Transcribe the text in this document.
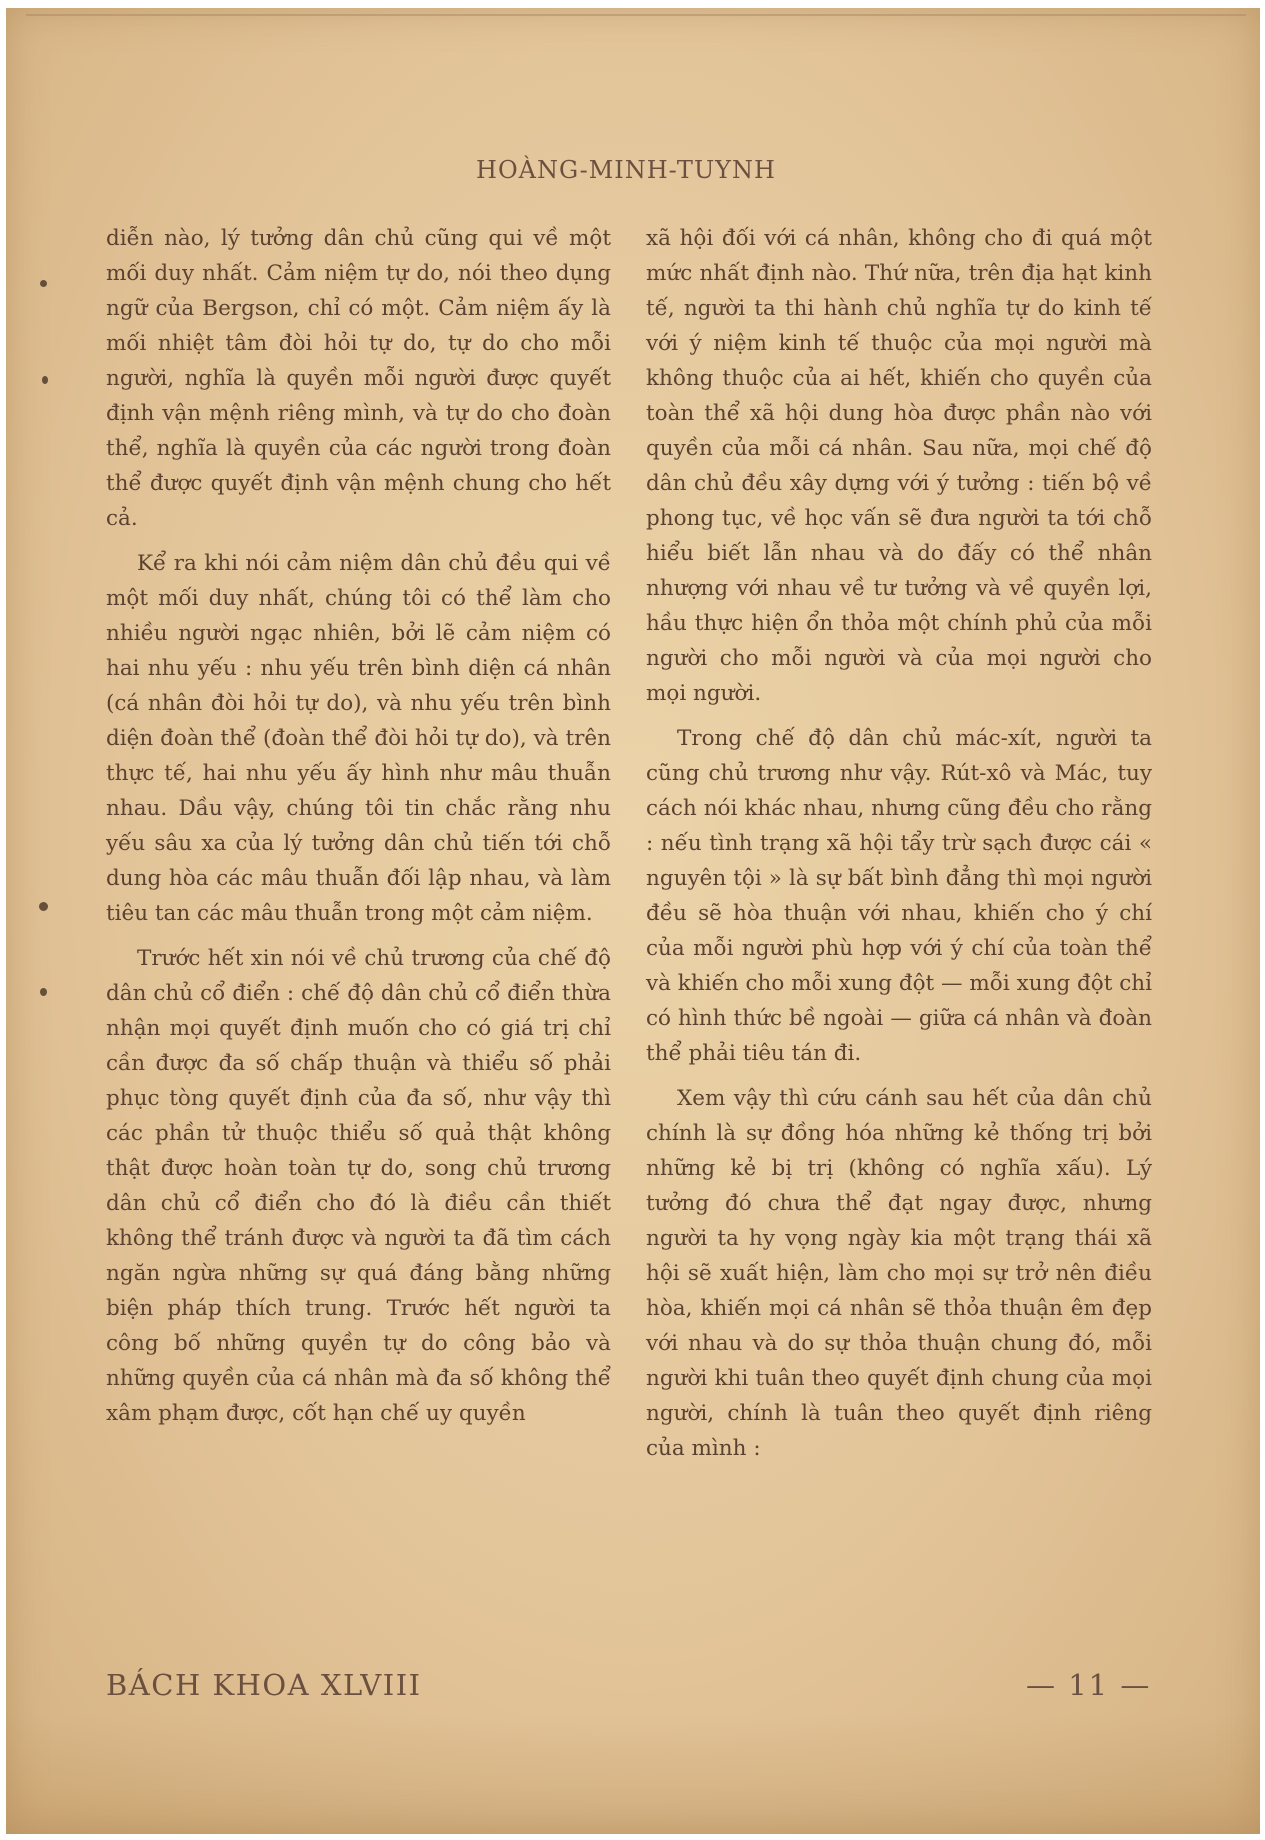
HOÀNG-MINH-TUYNH

diễn nào, lý tưởng dân chủ cũng qui về một mối duy nhất. Cảm niệm tự do, nói theo dụng ngữ của Bergson, chỉ có một. Cảm niệm ấy là mối nhiệt tâm đòi hỏi tự do, tự do cho mỗi người, nghĩa là quyền mỗi người được quyết định vận mệnh riêng mình, và tự do cho đoàn thể, nghĩa là quyền của các người trong đoàn thể được quyết định vận mệnh chung cho hết cả.

Kể ra khi nói cảm niệm dân chủ đều qui về một mối duy nhất, chúng tôi có thể làm cho nhiều người ngạc nhiên, bởi lẽ cảm niệm có hai nhu yếu : nhu yếu trên bình diện cá nhân (cá nhân đòi hỏi tự do), và nhu yếu trên bình diện đoàn thể (đoàn thể đòi hỏi tự do), và trên thực tế, hai nhu yếu ấy hình như mâu thuẫn nhau. Dầu vậy, chúng tôi tin chắc rằng nhu yếu sâu xa của lý tưởng dân chủ tiến tới chỗ dung hòa các mâu thuẫn đối lập nhau, và làm tiêu tan các mâu thuẫn trong một cảm niệm.

Trước hết xin nói về chủ trương của chế độ dân chủ cổ điển : chế độ dân chủ cổ điển thừa nhận mọi quyết định muốn cho có giá trị chỉ cần được đa số chấp thuận và thiểu số phải phục tòng quyết định của đa số, như vậy thì các phần tử thuộc thiểu số quả thật không thật được hoàn toàn tự do, song chủ trương dân chủ cổ điển cho đó là điều cần thiết không thể tránh được và người ta đã tìm cách ngăn ngừa những sự quá đáng bằng những biện pháp thích trung. Trước hết người ta công bố những quyền tự do công bảo và những quyền của cá nhân mà đa số không thể xâm phạm được, cốt hạn chế uy quyền

xã hội đối với cá nhân, không cho đi quá một mức nhất định nào. Thứ nữa, trên địa hạt kinh tế, người ta thi hành chủ nghĩa tự do kinh tế với ý niệm kinh tế thuộc của mọi người mà không thuộc của ai hết, khiến cho quyền của toàn thể xã hội dung hòa được phần nào với quyền của mỗi cá nhân. Sau nữa, mọi chế độ dân chủ đều xây dựng với ý tưởng : tiến bộ về phong tục, về học vấn sẽ đưa người ta tới chỗ hiểu biết lẫn nhau và do đấy có thể nhân nhượng với nhau về tư tưởng và về quyền lợi, hầu thực hiện ổn thỏa một chính phủ của mỗi người cho mỗi người và của mọi người cho mọi người.

Trong chế độ dân chủ mác-xít, người ta cũng chủ trương như vậy. Rút-xô và Mác, tuy cách nói khác nhau, nhưng cũng đều cho rằng : nếu tình trạng xã hội tẩy trừ sạch được cái « nguyên tội » là sự bất bình đẳng thì mọi người đều sẽ hòa thuận với nhau, khiến cho ý chí của mỗi người phù hợp với ý chí của toàn thể và khiến cho mỗi xung đột — mỗi xung đột chỉ có hình thức bề ngoài — giữa cá nhân và đoàn thể phải tiêu tán đi.

Xem vậy thì cứu cánh sau hết của dân chủ chính là sự đồng hóa những kẻ thống trị bởi những kẻ bị trị (không có nghĩa xấu). Lý tưởng đó chưa thể đạt ngay được, nhưng người ta hy vọng ngày kia một trạng thái xã hội sẽ xuất hiện, làm cho mọi sự trở nên điều hòa, khiến mọi cá nhân sẽ thỏa thuận êm đẹp với nhau và do sự thỏa thuận chung đó, mỗi người khi tuân theo quyết định chung của mọi người, chính là tuân theo quyết định riêng của mình :

BÁCH KHOA XLVIII	— 11 —
